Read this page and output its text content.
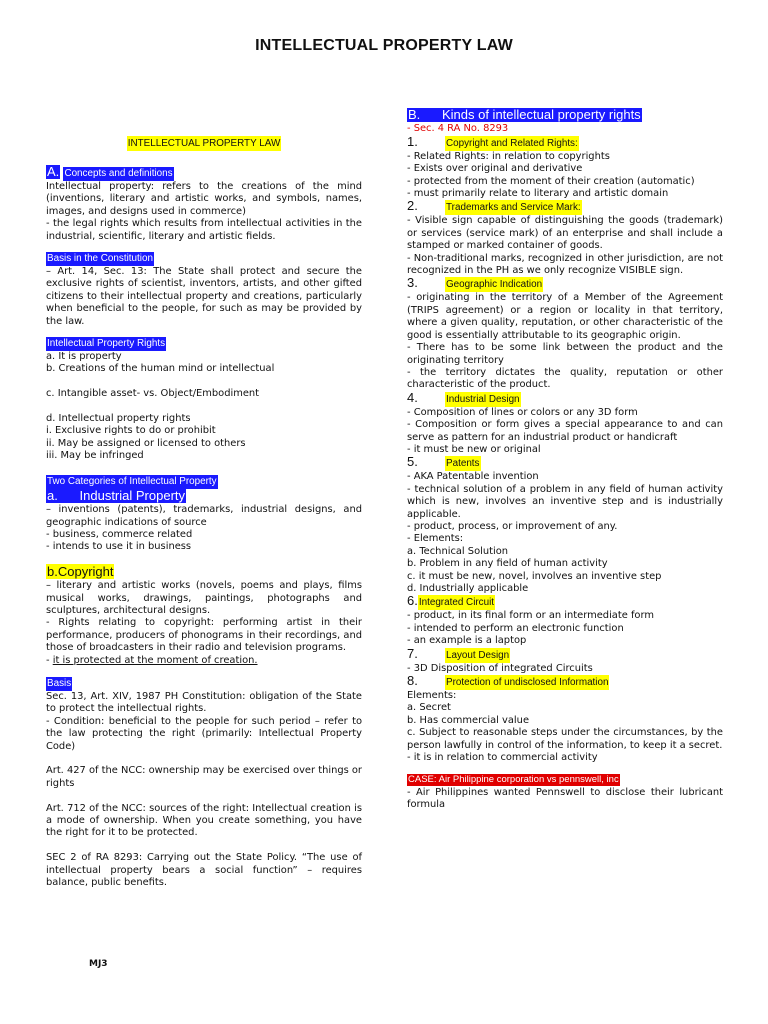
INTELLECTUAL PROPERTY LAW

INTELLECTUAL PROPERTY LAW

A. Concepts and definitions

Intellectual property: refers to the creations of the mind (inventions, literary and artistic works, and symbols, names, images, and designs used in commerce)

- the legal rights which results from intellectual activities in the industrial, scientific, literary and artistic fields.

Basis in the Constitution

– Art. 14, Sec. 13: The State shall protect and secure the exclusive rights of scientist, inventors, artists, and other gifted citizens to their intellectual property and creations, particularly when beneficial to the people, for such as may be provided by the law.

Intellectual Property Rights

a. It is property

b. Creations of the human mind or intellectual

c. Intangible asset- vs. Object/Embodiment

d. Intellectual property rights

i. Exclusive rights to do or prohibit

ii. May be assigned or licensed to others

iii. May be infringed

Two Categories of Intellectual Property

a. Industrial Property

– inventions (patents), trademarks, industrial designs, and geographic indications of source

- business, commerce related

- intends to use it in business

b.Copyright

– literary and artistic works (novels, poems and plays, films musical works, drawings, paintings, photographs and sculptures, architectural designs.

- Rights relating to copyright: performing artist in their performance, producers of phonograms in their recordings, and those of broadcasters in their radio and television programs.

- it is protected at the moment of creation.

Basis

Sec. 13, Art. XIV, 1987 PH Constitution: obligation of the State to protect the intellectual rights.

- Condition: beneficial to the people for such period – refer to the law protecting the right (primarily: Intellectual Property Code)

Art. 427 of the NCC: ownership may be exercised over things or rights

Art. 712 of the NCC: sources of the right: Intellectual creation is a mode of ownership. When you create something, you have the right for it to be protected.

SEC 2 of RA 8293: Carrying out the State Policy. “The use of intellectual property bears a social function” – requires balance, public benefits.

B. Kinds of intellectual property rights

- Sec. 4 RA No. 8293

1.	Copyright and Related Rights:

- Related Rights: in relation to copyrights

- Exists over original and derivative

- protected from the moment of their creation (automatic)

- must primarily relate to literary and artistic domain

2.	Trademarks and Service Mark:

- Visible sign capable of distinguishing the goods (trademark) or services (service mark) of an enterprise and shall include a stamped or marked container of goods.

- Non-traditional marks, recognized in other jurisdiction, are not recognized in the PH as we only recognize VISIBLE sign.

3.	Geographic Indication

- originating in the territory of a Member of the Agreement (TRIPS agreement) or a region or locality in that territory, where a given quality, reputation, or other characteristic of the good is essentially attributable to its geographic origin.

- There has to be some link between the product and the originating territory

- the territory dictates the quality, reputation or other characteristic of the product.

4.	Industrial Design

- Composition of lines or colors or any 3D form

- Composition or form gives a special appearance to and can serve as pattern for an industrial product or handicraft

- it must be new or original

5.	Patents

- AKA Patentable invention

- technical solution of a problem in any field of human activity which is new, involves an inventive step and is industrially applicable.

- product, process, or improvement of any.

- Elements:

a. Technical Solution

b. Problem in any field of human activity

c. it must be new, novel, involves an inventive step

d. Industrially applicable

6.Integrated Circuit

- product, in its final form or an intermediate form

- intended to perform an electronic function

- an example is a laptop

7.	Layout Design

- 3D Disposition of integrated Circuits

8.	Protection of undisclosed Information

Elements:

a. Secret

b. Has commercial value

c. Subject to reasonable steps under the circumstances, by the person lawfully in control of the information, to keep it a secret.

- it is in relation to commercial activity

CASE: Air Philippine corporation vs pennswell, inc

- Air Philippines wanted Pennswell to disclose their lubricant formula

MJ3
